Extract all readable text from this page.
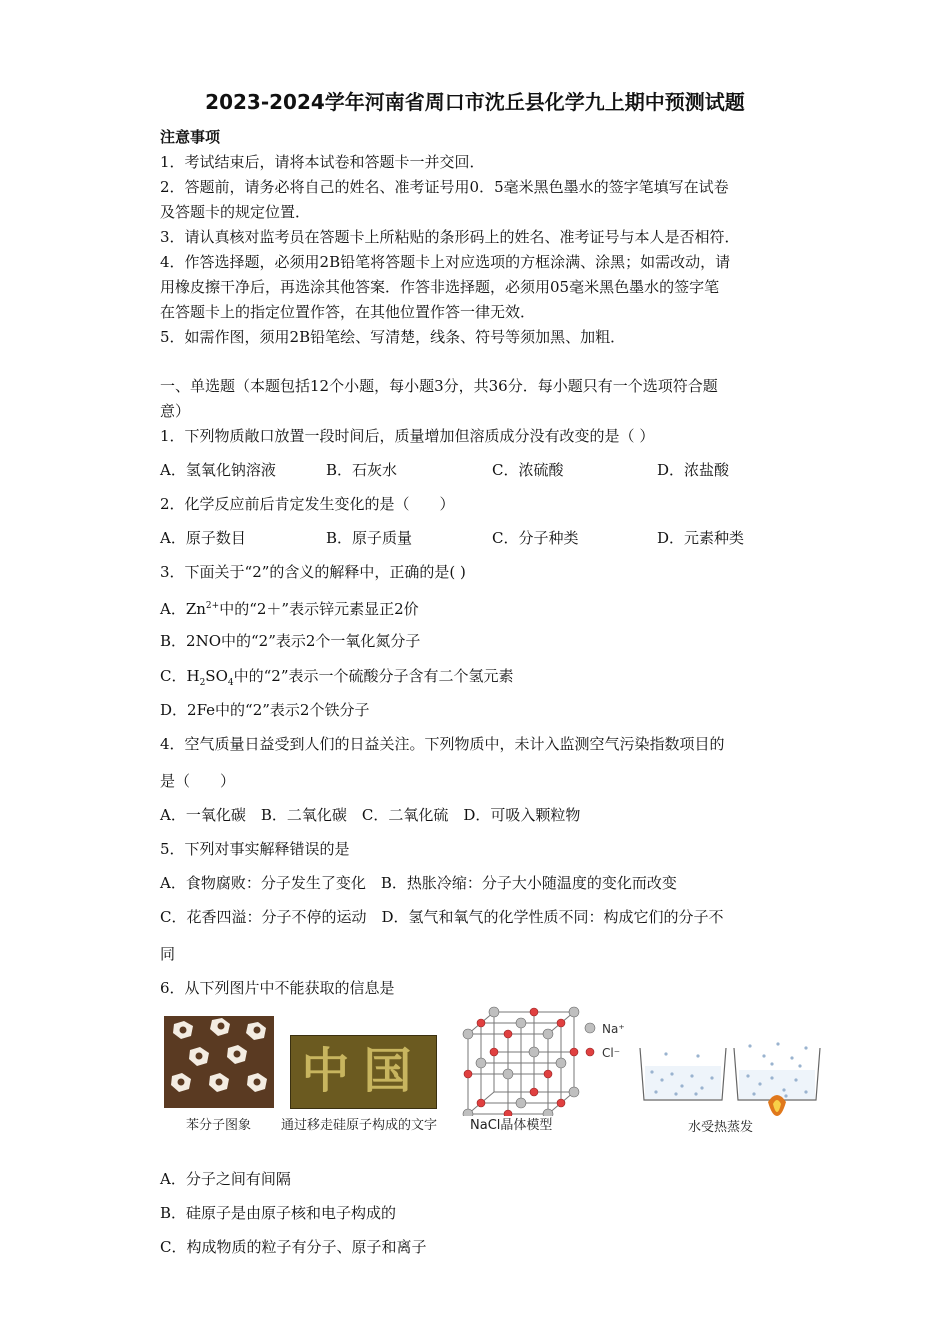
2023-2024学年河南省周口市沈丘县化学九上期中预测试题
注意事项
1．考试结束后，请将本试卷和答题卡一并交回．
2．答题前，请务必将自己的姓名、准考证号用0．5毫米黑色墨水的签字笔填写在试卷
及答题卡的规定位置．
3．请认真核对监考员在答题卡上所粘贴的条形码上的姓名、准考证号与本人是否相符．
4．作答选择题，必须用2B铅笔将答题卡上对应选项的方框涂满、涂黑；如需改动，请
用橡皮擦干净后，再选涂其他答案．作答非选择题，必须用05毫米黑色墨水的签字笔
在答题卡上的指定位置作答，在其他位置作答一律无效．
5．如需作图，须用2B铅笔绘、写清楚，线条、符号等须加黑、加粗．
一、单选题（本题包括12个小题，每小题3分，共36分．每小题只有一个选项符合题
意）
1．下列物质敞口放置一段时间后，质量增加但溶质成分没有改变的是（ ）
A．氢氧化钠溶液	B．石灰水	C．浓硫酸	D．浓盐酸
2．化学反应前后肯定发生变化的是（　　）
A．原子数目	B．原子质量	C．分子种类	D．元素种类
3．下面关于“2”的含义的解释中，正确的是( )
A．$Zn^{2+}$中的“2＋”表示锌元素显正2价
B．2NO中的“2”表示2个一氧化氮分子
C．$H_2SO_4$中的“2”表示一个硫酸分子含有二个氢元素
D．2Fe中的“2”表示2个铁分子
4．空气质量日益受到人们的日益关注。下列物质中，未计入监测空气污染指数项目的
是（　　）
A．一氧化碳　B．二氧化碳　C．二氧化硫　D．可吸入颗粒物
5．下列对事实解释错误的是
A．食物腐败：分子发生了变化　B．热胀冷缩：分子大小随温度的变化而改变
C．花香四溢：分子不停的运动　D．氢气和氧气的化学性质不同：构成它们的分子不
同
6．从下列图片中不能获取的信息是
苯分子图象
中国
通过移走硅原子构成的文字
Na⁺
Cl⁻
NaCl晶体模型	水受热蒸发
A．分子之间有间隔
B．硅原子是由原子核和电子构成的
C．构成物质的粒子有分子、原子和离子
